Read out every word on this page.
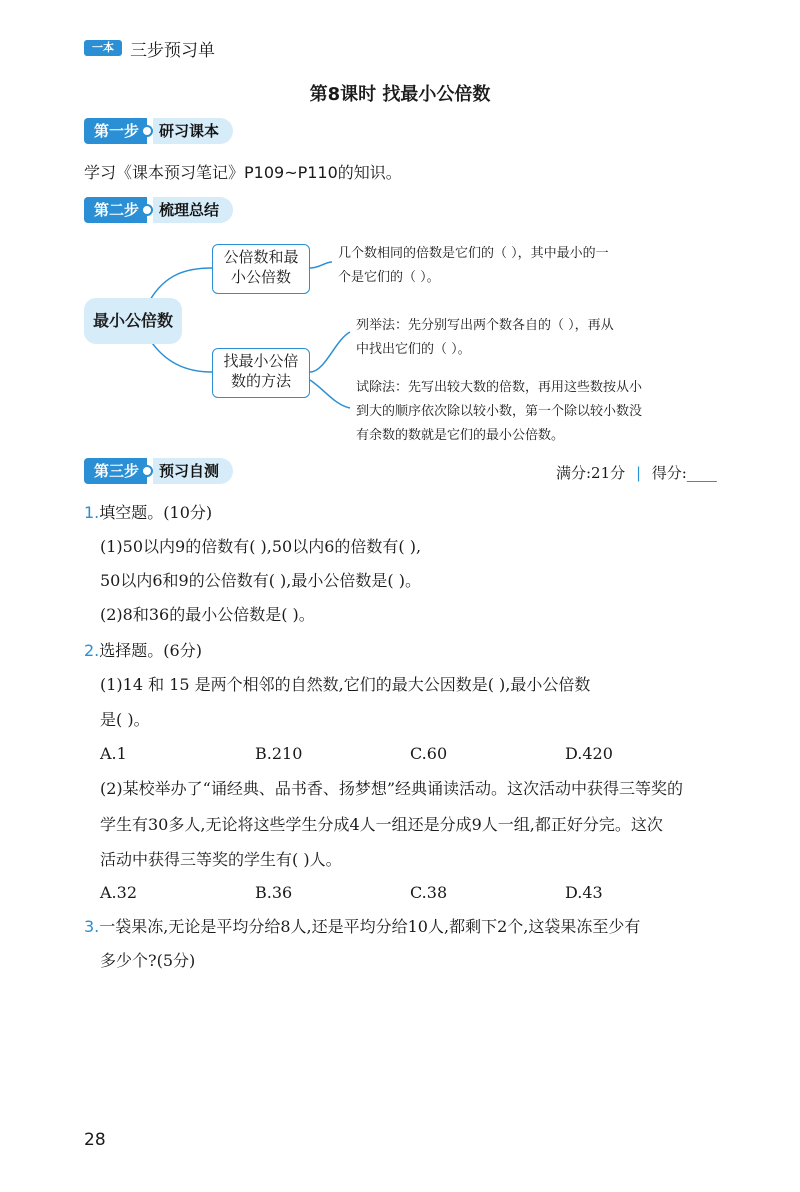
一本 三步预习单
第8课时 找最小公倍数
第一步	研习课本
学习《课本预习笔记》P109~P110的知识。
第二步	梳理总结
最小公倍数
公倍数和最
小公倍数
找最小公倍
数的方法
几个数相同的倍数是它们的（ ），其中最小的一
个是它们的（ ）。
列举法：先分别写出两个数各自的（ ），再从
中找出它们的（ ）。
试除法：先写出较大数的倍数，再用这些数按从小
到大的顺序依次除以较小数，第一个除以较小数没
有余数的数就是它们的最小公倍数。
第三步	预习自测	满分:21分 | 得分:____
1.填空题。(10分)
(1)50以内9的倍数有( ),50以内6的倍数有( ),
50以内6和9的公倍数有( ),最小公倍数是( )。
(2)8和36的最小公倍数是( )。
2.选择题。(6分)
(1)14 和 15 是两个相邻的自然数,它们的最大公因数是( ),最小公倍数
是( )。
A.1	B.210	C.60	D.420
(2)某校举办了“诵经典、品书香、扬梦想”经典诵读活动。这次活动中获得三等奖的
学生有30多人,无论将这些学生分成4人一组还是分成9人一组,都正好分完。这次
活动中获得三等奖的学生有( )人。
A.32	B.36	C.38	D.43
3.一袋果冻,无论是平均分给8人,还是平均分给10人,都剩下2个,这袋果冻至少有
多少个?(5分)
28
